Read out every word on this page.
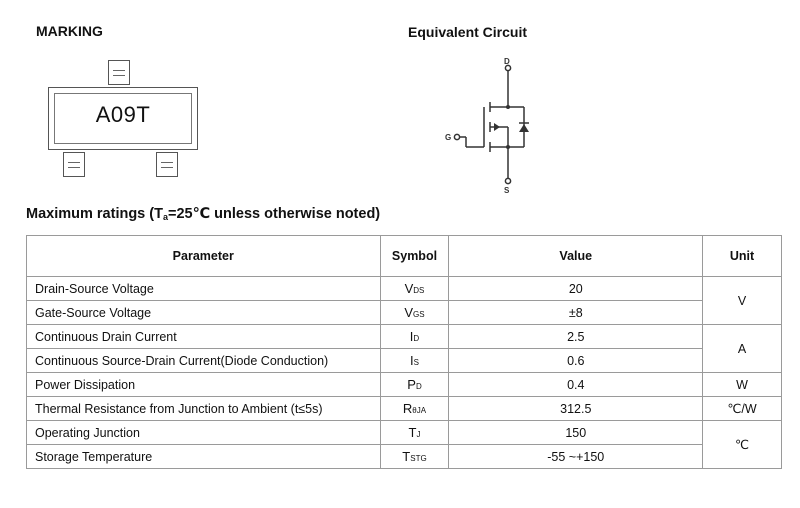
MARKING
A09T
Equivalent Circuit
D
G
S
Maximum ratings ($T_a=25℃$ unless otherwise noted)
Parameter	Symbol	Value	Unit
Drain-Source Voltage	VDS	20	V
Gate-Source Voltage	VGS	±8	
Continuous Drain Current	ID	2.5	A
Continuous Source-Drain Current(Diode Conduction)	IS	0.6	
Power Dissipation	PD	0.4	W
Thermal Resistance from Junction to Ambient (t≤5s)	RθJA	312.5	℃/W
Operating Junction	TJ	150	℃
Storage Temperature	TSTG	-55 ~+150	
